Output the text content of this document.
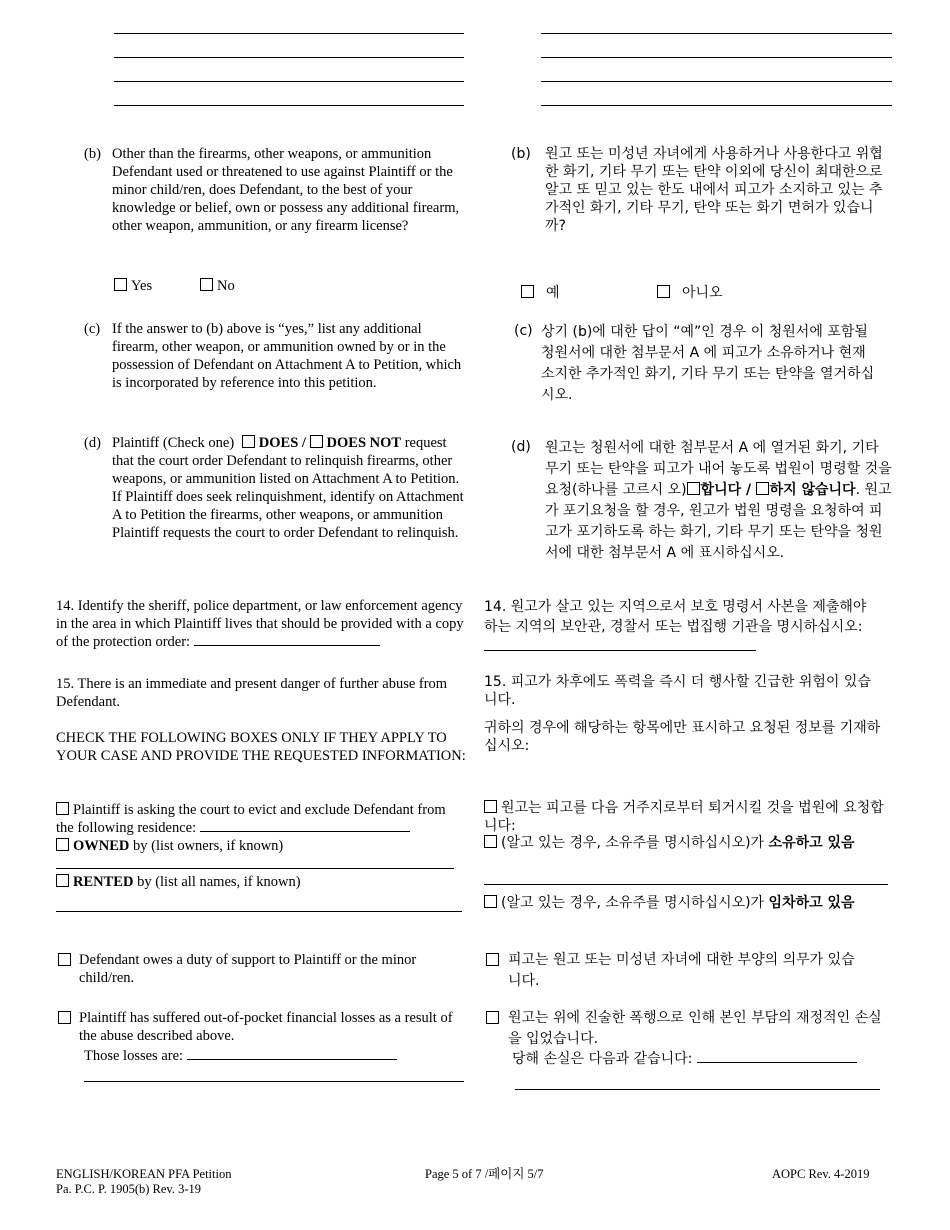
(b) Other than the firearms, other weapons, or ammunition Defendant used or threatened to use against Plaintiff or the minor child/ren, does Defendant, to the best of your knowledge or belief, own or possess any additional firearm, other weapon, ammunition, or any firearm license?
Yes	No
(c) If the answer to (b) above is “yes,” list any additional firearm, other weapon, or ammunition owned by or in the possession of Defendant on Attachment A to Petition, which is incorporated by reference into this petition.
(d) Plaintiff (Check one) DOES / DOES NOT request that the court order Defendant to relinquish firearms, other weapons, or ammunition listed on Attachment A to Petition. If Plaintiff does seek relinquishment, identify on Attachment A to Petition the firearms, other weapons, or ammunition Plaintiff requests the court to order Defendant to relinquish.
14. Identify the sheriff, police department, or law enforcement agency in the area in which Plaintiff lives that should be provided with a copy of the protection order:
15. There is an immediate and present danger of further abuse from Defendant.
CHECK THE FOLLOWING BOXES ONLY IF THEY APPLY TO YOUR CASE AND PROVIDE THE REQUESTED INFORMATION:
Plaintiff is asking the court to evict and exclude Defendant from the following residence:
OWNED by (list owners, if known)
RENTED by (list all names, if known)
Defendant owes a duty of support to Plaintiff or the minor child/ren.
Plaintiff has suffered out-of-pocket financial losses as a result of the abuse described above.
Those losses are:
(b) 원고 또는 미성년 자녀에게 사용하거나 사용한다고 위협한 화기, 기타 무기 또는 탄약 이외에 당신이 최대한으로 알고 또 믿고 있는 한도 내에서 피고가 소지하고 있는 추가적인 화기, 기타 무기, 탄약 또는 화기 면허가 있습니까?
예	아니오
(c) 상기 (b)에 대한 답이 “예”인 경우 이 청원서에 포함될 청원서에 대한 첨부문서 A 에 피고가 소유하거나 현재 소지한 추가적인 화기, 기타 무기 또는 탄약을 열거하십시오.
(d) 원고는 청원서에 대한 첨부문서 A 에 열거된 화기, 기타 무기 또는 탄약을 피고가 내어 놓도록 법원이 명령할 것을 요청(하나를 고르시 오) 합니다 / 하지 않습니다. 원고가 포기요청을 할 경우, 원고가 법원 명령을 요청하여 피고가 포기하도록 하는 화기, 기타 무기 또는 탄약을 청원서에 대한 첨부문서 A 에 표시하십시오.
14. 원고가 살고 있는 지역으로서 보호 명령서 사본을 제출해야 하는 지역의 보안관, 경찰서 또는 법집행 기관을 명시하십시오:
15. 피고가 차후에도 폭력을 즉시 더 행사할 긴급한 위험이 있습니다.
귀하의 경우에 해당하는 항목에만 표시하고 요청된 정보를 기재하십시오:
원고는 피고를 다음 거주지로부터 퇴거시킬 것을 법원에 요청합니다:
(알고 있는 경우, 소유주를 명시하십시오)가 소유하고 있음
(알고 있는 경우, 소유주를 명시하십시오)가 임차하고 있음
피고는 원고 또는 미성년 자녀에 대한 부양의 의무가 있습니다.
원고는 위에 진술한 폭행으로 인해 본인 부담의 재정적인 손실을 입었습니다.
당해 손실은 다음과 같습니다:
ENGLISH/KOREAN PFA Petition
Pa. P.C. P. 1905(b) Rev. 3-19
Page 5 of 7 /페이지 5/7	AOPC Rev. 4-2019
